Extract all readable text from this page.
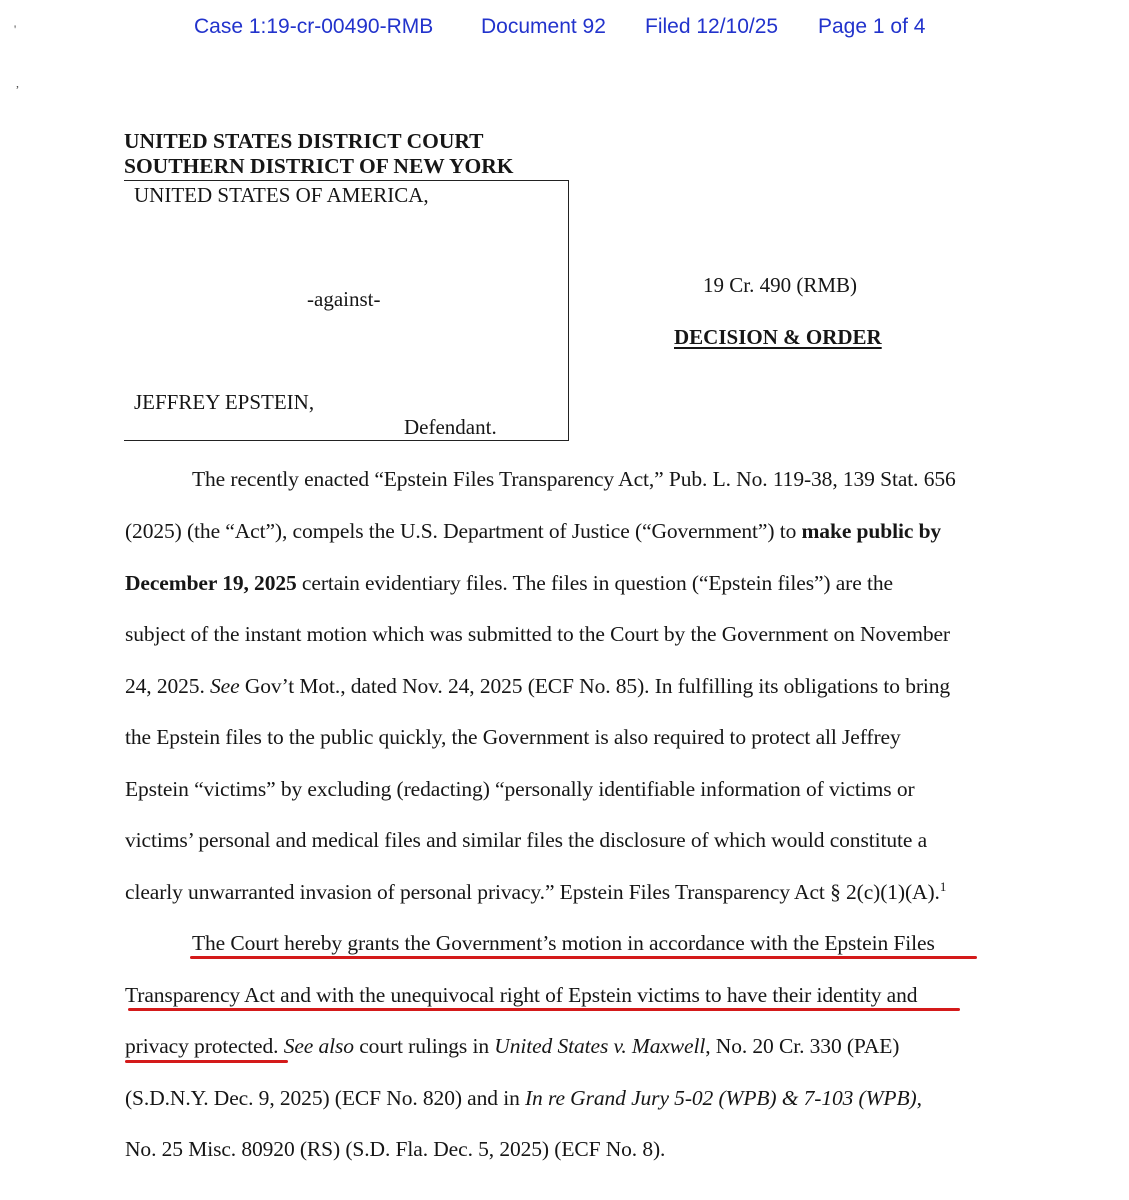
Case 1:19-cr-00490-RMB Document 92 Filed 12/10/25 Page 1 of 4
'
,
UNITED STATES DISTRICT COURT
SOUTHERN DISTRICT OF NEW YORK
UNITED STATES OF AMERICA,
-against-
JEFFREY EPSTEIN,
Defendant.
19 Cr. 490 (RMB)
DECISION & ORDER
The recently enacted “Epstein Files Transparency Act,” Pub. L. No. 119-38, 139 Stat. 656
(2025) (the “Act”), compels the U.S. Department of Justice (“Government”) to make public by
December 19, 2025 certain evidentiary files. The files in question (“Epstein files”) are the
subject of the instant motion which was submitted to the Court by the Government on November
24, 2025. See Gov’t Mot., dated Nov. 24, 2025 (ECF No. 85). In fulfilling its obligations to bring
the Epstein files to the public quickly, the Government is also required to protect all Jeffrey
Epstein “victims” by excluding (redacting) “personally identifiable information of victims or
victims’ personal and medical files and similar files the disclosure of which would constitute a
clearly unwarranted invasion of personal privacy.” Epstein Files Transparency Act § 2(c)(1)(A).$^1$
The Court hereby grants the Government’s motion in accordance with the Epstein Files
Transparency Act and with the unequivocal right of Epstein victims to have their identity and
privacy protected. See also court rulings in United States v. Maxwell, No. 20 Cr. 330 (PAE)
(S.D.N.Y. Dec. 9, 2025) (ECF No. 820) and in In re Grand Jury 5-02 (WPB) & 7-103 (WPB),
No. 25 Misc. 80920 (RS) (S.D. Fla. Dec. 5, 2025) (ECF No. 8).
